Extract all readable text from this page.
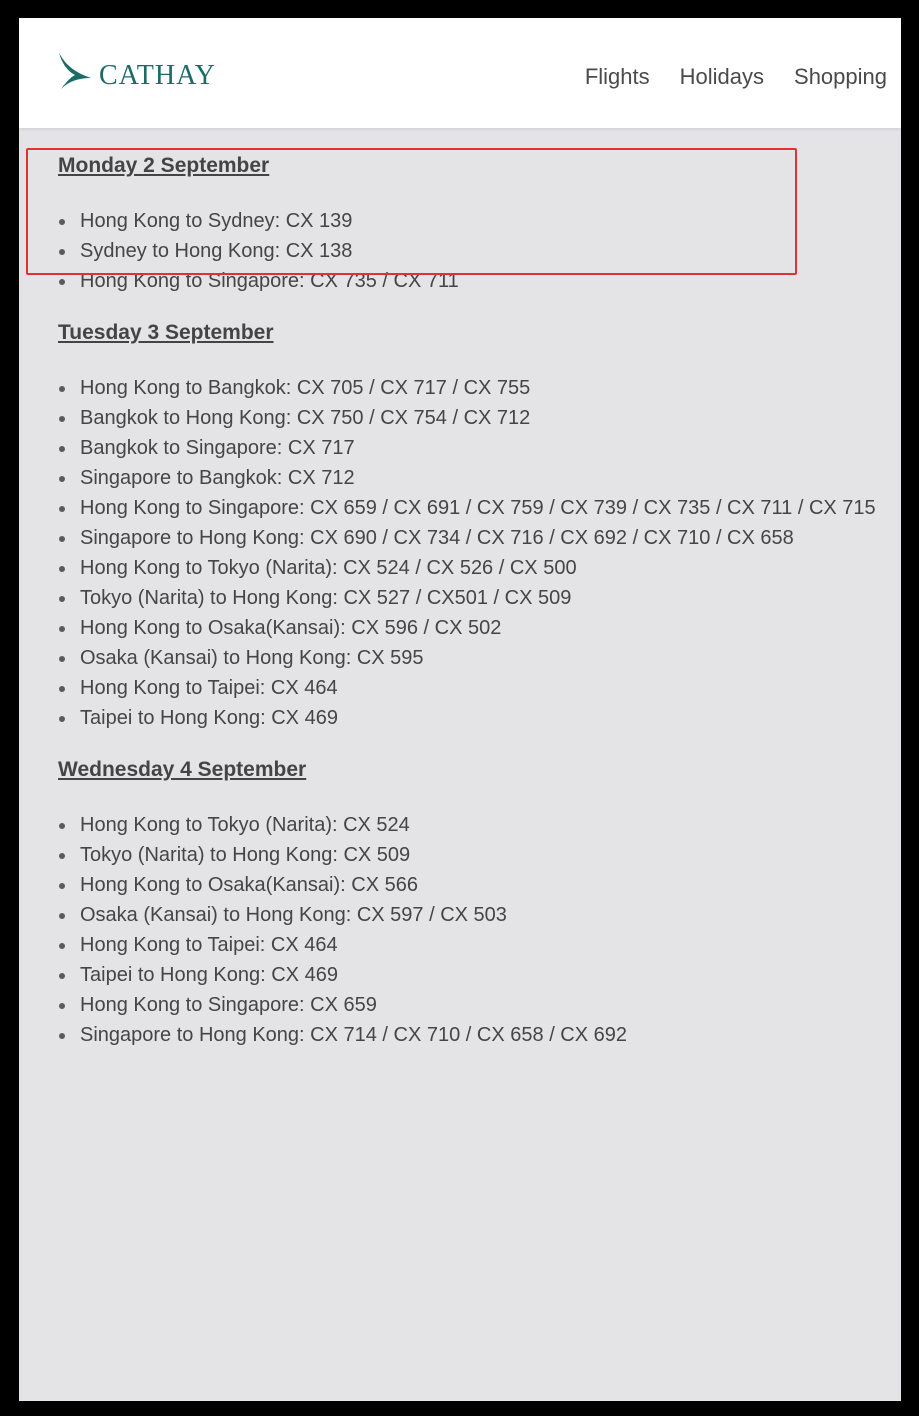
CATHAY	Flights Holidays Shopping
Monday 2 September
Hong Kong to Sydney: CX 139
Sydney to Hong Kong: CX 138
Hong Kong to Singapore: CX 735 / CX 711
Tuesday 3 September
Hong Kong to Bangkok: CX 705 / CX 717 / CX 755
Bangkok to Hong Kong: CX 750 / CX 754 / CX 712
Bangkok to Singapore: CX 717
Singapore to Bangkok: CX 712
Hong Kong to Singapore: CX 659 / CX 691 / CX 759 / CX 739 / CX 735 / CX 711 / CX 715
Singapore to Hong Kong: CX 690 / CX 734 / CX 716 / CX 692 / CX 710 / CX 658
Hong Kong to Tokyo (Narita): CX 524 / CX 526 / CX 500
Tokyo (Narita) to Hong Kong: CX 527 / CX501 / CX 509
Hong Kong to Osaka(Kansai): CX 596 / CX 502
Osaka (Kansai) to Hong Kong: CX 595
Hong Kong to Taipei: CX 464
Taipei to Hong Kong: CX 469
Wednesday 4 September
Hong Kong to Tokyo (Narita): CX 524
Tokyo (Narita) to Hong Kong: CX 509
Hong Kong to Osaka(Kansai): CX 566
Osaka (Kansai) to Hong Kong: CX 597 / CX 503
Hong Kong to Taipei: CX 464
Taipei to Hong Kong: CX 469
Hong Kong to Singapore: CX 659
Singapore to Hong Kong: CX 714 / CX 710 / CX 658 / CX 692
